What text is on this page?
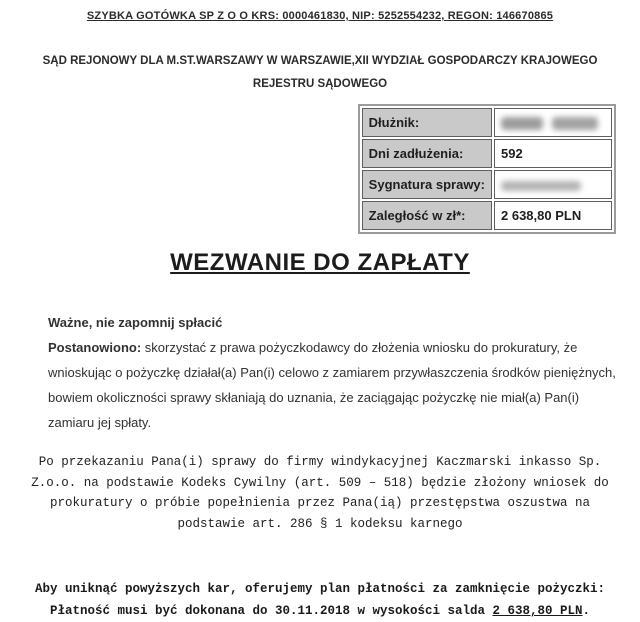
SZYBKA GOTÓWKA SP Z O O KRS: 0000461830, NIP: 5252554232, REGON: 146670865
SĄD REJONOWY DLA M.ST.WARSZAWY W WARSZAWIE,XII WYDZIAŁ GOSPODARCZY KRAJOWEGO REJESTRU SĄDOWEGO
Dłużnik:	
Dni zadłużenia:	592
Sygnatura sprawy:	
Zaległość w zł*:	2 638,80 PLN
WEZWANIE DO ZAPŁATY

Ważne, nie zapomnij spłacić

Postanowiono: skorzystać z prawa pożyczkodawcy do złożenia wniosku do prokuratury, że wnioskując o pożyczkę działał(a) Pan(i) celowo z zamiarem przywłaszczenia środków pieniężnych, bowiem okoliczności sprawy skłaniają do uznania, że zaciągając pożyczkę nie miał(a) Pan(i) zamiaru jej spłaty.

Po przekazaniu Pana(i) sprawy do firmy windykacyjnej Kaczmarski inkasso Sp. Z.o.o. na podstawie Kodeks Cywilny (art. 509 – 518) będzie złożony wniosek do prokuratury o próbie popełnienia przez Pana(ią) przestępstwa oszustwa na podstawie art. 286 § 1 kodeksu karnego

Aby uniknąć powyższych kar, oferujemy plan płatności za zamknięcie pożyczki: Płatność musi być dokonana do 30.11.2018 w wysokości salda 2 638,80 PLN.
